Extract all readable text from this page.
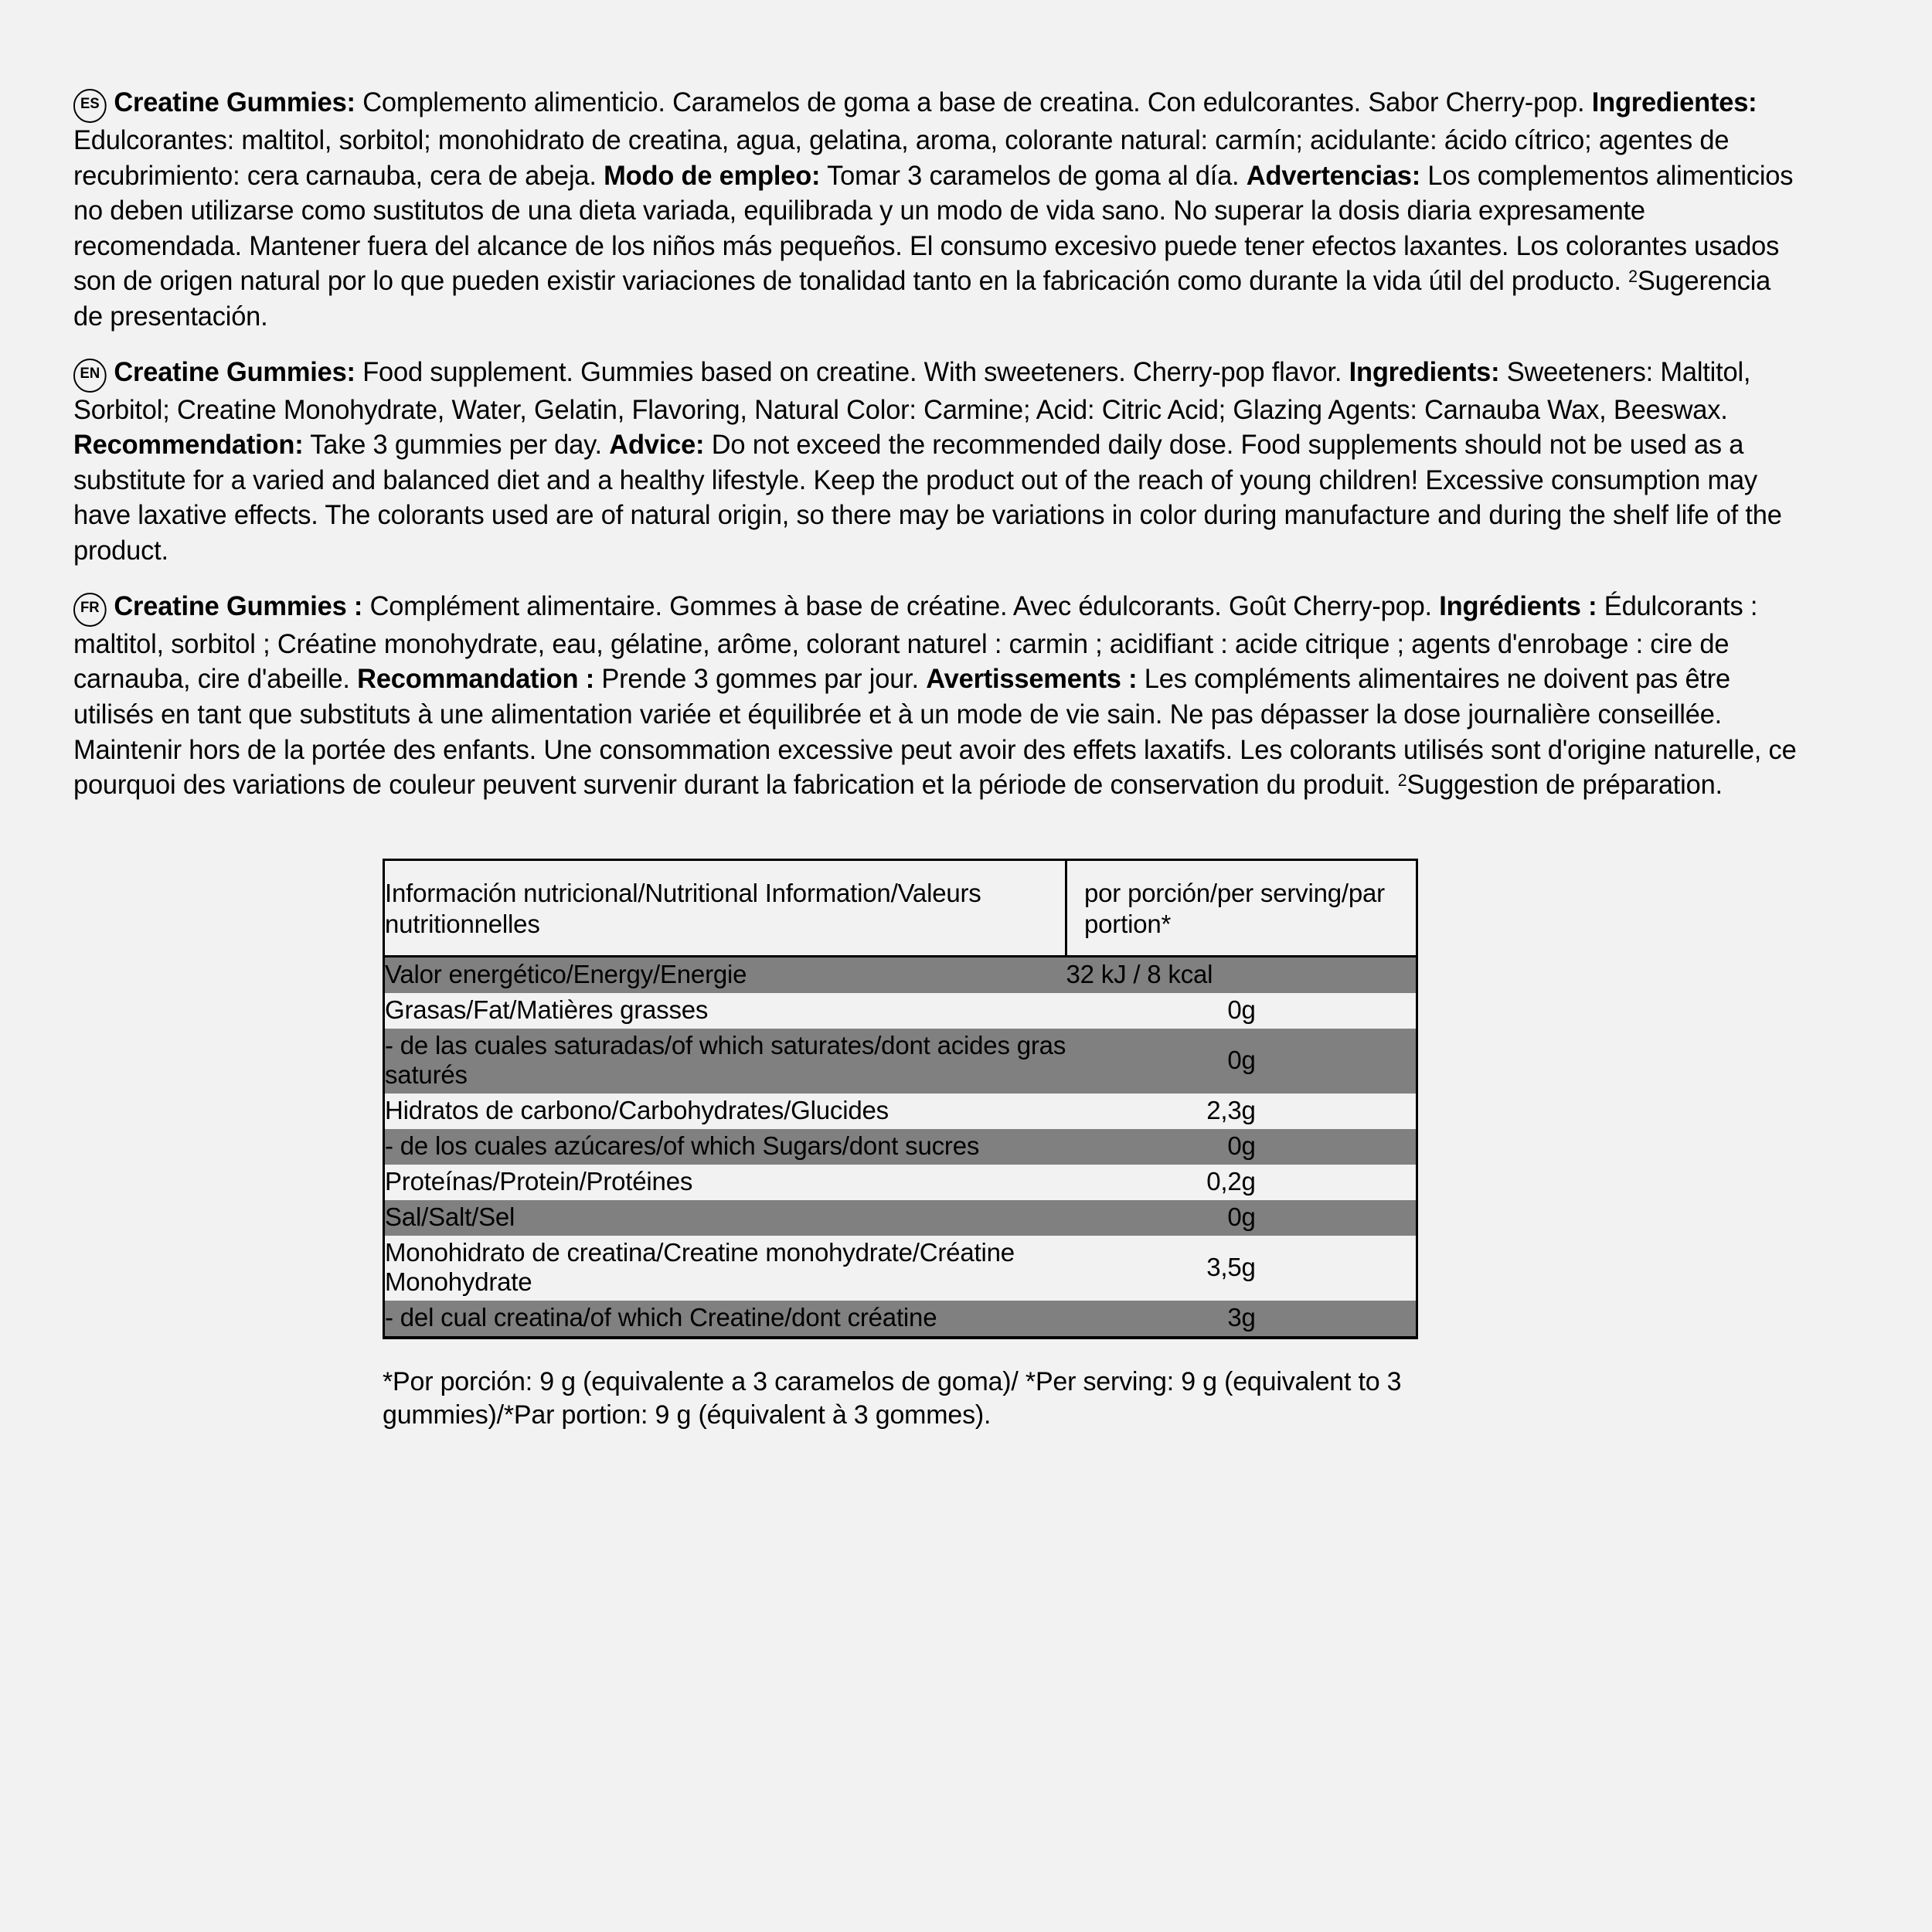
ES Creatine Gummies: Complemento alimenticio. Caramelos de goma a base de creatina. Con edulcorantes. Sabor Cherry-pop. Ingredientes: Edulcorantes: maltitol, sorbitol; monohidrato de creatina, agua, gelatina, aroma, colorante natural: carmín; acidulante: ácido cítrico; agentes de recubrimiento: cera carnauba, cera de abeja. Modo de empleo: Tomar 3 caramelos de goma al día. Advertencias: Los complementos alimenticios no deben utilizarse como sustitutos de una dieta variada, equilibrada y un modo de vida sano. No superar la dosis diaria expresamente recomendada. Mantener fuera del alcance de los niños más pequeños. El consumo excesivo puede tener efectos laxantes. Los colorantes usados son de origen natural por lo que pueden existir variaciones de tonalidad tanto en la fabricación como durante la vida útil del producto. $^2$Sugerencia de presentación.
EN Creatine Gummies: Food supplement. Gummies based on creatine. With sweeteners. Cherry-pop flavor. Ingredients: Sweeteners: Maltitol, Sorbitol; Creatine Monohydrate, Water, Gelatin, Flavoring, Natural Color: Carmine; Acid: Citric Acid; Glazing Agents: Carnauba Wax, Beeswax. Recommendation: Take 3 gummies per day. Advice: Do not exceed the recommended daily dose. Food supplements should not be used as a substitute for a varied and balanced diet and a healthy lifestyle. Keep the product out of the reach of young children! Excessive consumption may have laxative effects. The colorants used are of natural origin, so there may be variations in color during manufacture and during the shelf life of the product.
FR Creatine Gummies : Complément alimentaire. Gommes à base de créatine. Avec édulcorants. Goût Cherry-pop. Ingrédients : Édulcorants : maltitol, sorbitol ; Créatine monohydrate, eau, gélatine, arôme, colorant naturel : carmin ; acidifiant : acide citrique ; agents d'enrobage : cire de carnauba, cire d'abeille. Recommandation : Prende 3 gommes par jour. Avertissements : Les compléments alimentaires ne doivent pas être utilisés en tant que substituts à une alimentation variée et équilibrée et à un mode de vie sain. Ne pas dépasser la dose journalière conseillée. Maintenir hors de la portée des enfants. Une consommation excessive peut avoir des effets laxatifs. Les colorants utilisés sont d'origine naturelle, ce pourquoi des variations de couleur peuvent survenir durant la fabrication et la période de conservation du produit. $^2$Suggestion de préparation.
Información nutricional/Nutritional Information/Valeurs nutritionnelles	por porción/per serving/par portion*	
Valor energético/Energy/Energie	32 kJ / 8 kcal	
Grasas/Fat/Matières grasses	0	g
- de las cuales saturadas/of which saturates/dont acides gras saturés	0	g
Hidratos de carbono/Carbohydrates/Glucides	2,3	g
- de los cuales azúcares/of which Sugars/dont sucres	0	g
Proteínas/Protein/Protéines	0,2	g
Sal/Salt/Sel	0	g
Monohidrato de creatina/Creatine monohydrate/Créatine Monohydrate	3,5	g
- del cual creatina/of which Creatine/dont créatine	3	g
*Por porción: 9 g (equivalente a 3 caramelos de goma)/ *Per serving: 9 g (equivalent to 3 gummies)/*Par portion: 9 g (équivalent à 3 gommes).
